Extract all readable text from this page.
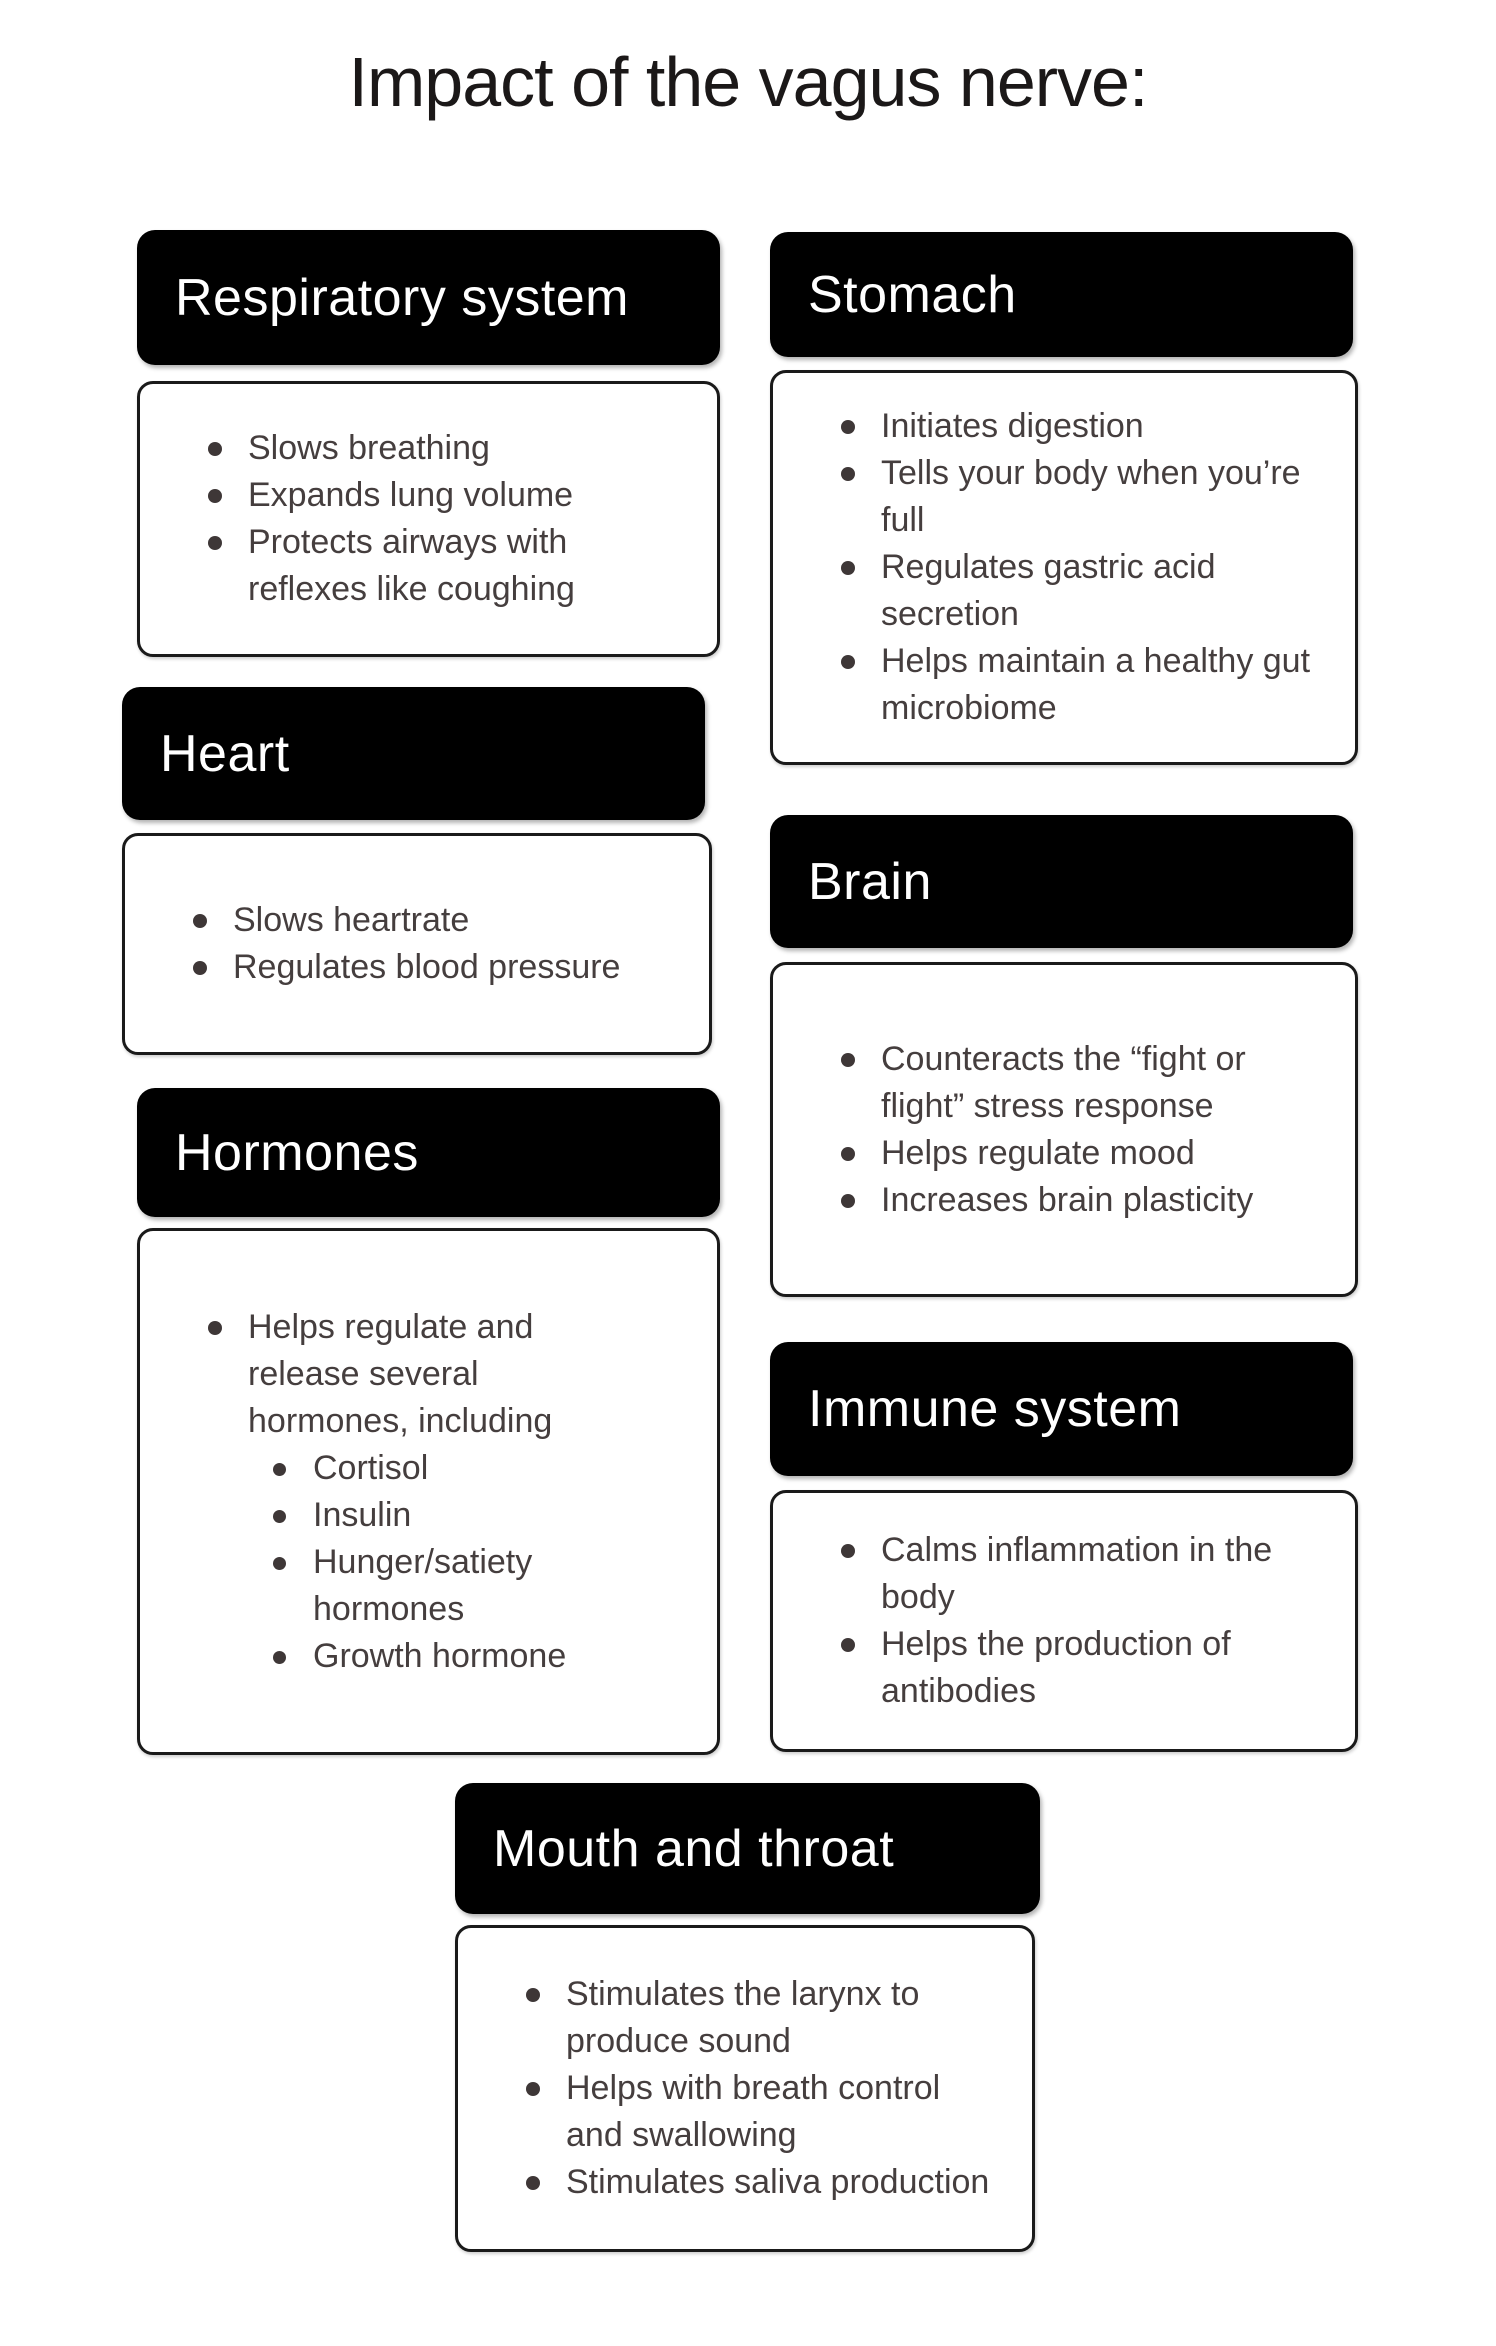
Impact of the vagus nerve:
Respiratory system
Slows breathing
Expands lung volume
Protects airways with reflexes like coughing
Stomach
Initiates digestion
Tells your body when you’re full
Regulates gastric acid secretion
Helps maintain a healthy gut microbiome
Heart
Slows heartrate
Regulates blood pressure
Brain
Counteracts the “fight or flight” stress response
Helps regulate mood
Increases brain plasticity
Hormones
Helps regulate and release several hormones, including
Cortisol
Insulin
Hunger/satiety hormones
Growth hormone
Immune system
Calms inflammation in the body
Helps the production of antibodies
Mouth and throat
Stimulates the larynx to produce sound
Helps with breath control and swallowing
Stimulates saliva production
